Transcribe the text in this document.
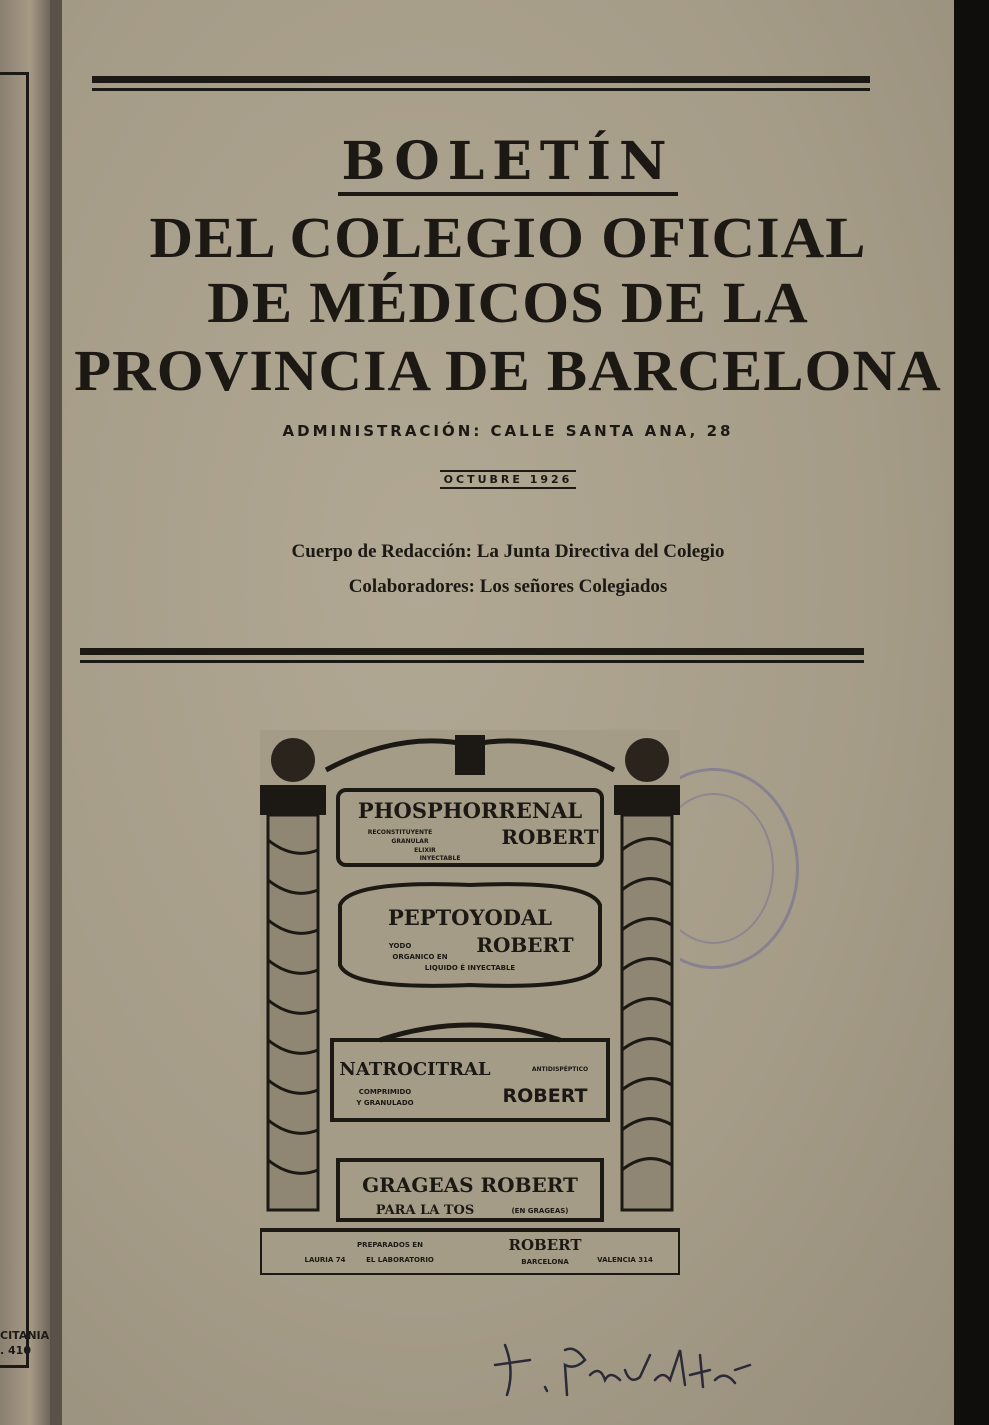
CITANIA
. 410
BOLETÍN
DEL COLEGIO OFICIAL
DE MÉDICOS DE LA
PROVINCIA DE BARCELONA
ADMINISTRACIÓN: CALLE SANTA ANA, 28
OCTUBRE 1926
Cuerpo de Redacción: La Junta Directiva del Colegio
Colaboradores: Los señores Colegiados
PHOSPHORRENAL
ROBERT
RECONSTITUYENTE
GRANULAR
ELIXIR
INYECTABLE
PEPTOYODAL
ROBERT
YODO
ORGANICO EN
LIQUIDO É INYECTABLE
NATROCITRAL
ROBERT
ANTIDISPÉPTICO
COMPRIMIDO
Y GRANULADO
GRAGEAS ROBERT
PARA LA TOS	(EN GRAGEAS)
PREPARADOS EN
LAURIA 74	EL LABORATORIO
ROBERT
BARCELONA	VALENCIA 314
